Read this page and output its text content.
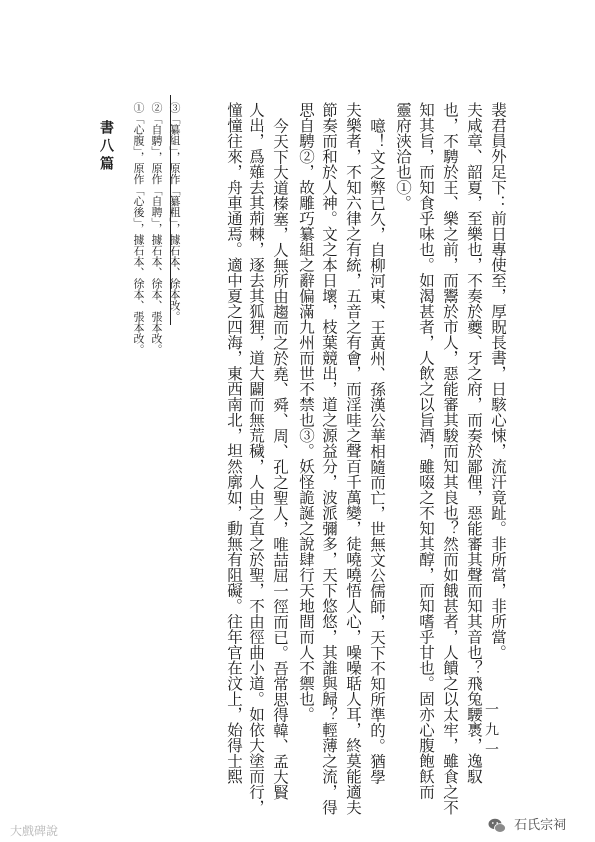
書八篇 ①「心腹」，原作「心後」，據石本、徐本、張本改。 ②「自騁」，原作「自聘」，據石本、徐本、張本改。 ③「纂組」，原作「纂粗」，據石本、徐本改。	憧憧往來，舟車通焉。適中夏之四海，東西南北，坦然廓如，動無有阻礙。往年官在汶上，始得士熙 人出，爲薙去其荊棘，逐去其狐狸，道大闢而無荒穢，人由之直之於聖，不由徑曲小道。如依大塗而行， 今天下大道榛塞，人無所由趨而之於堯、舜、周、孔之聖人，唯喆屈一徑而已。吾常思得韓、孟大賢 思自騁②，故雕巧纂組之辭偏滿九州而世不禁也③。妖怪詭誕之說肆行天地間而人不禦也。 節奏而和於人神。文之本日壞，枝葉競出，道之源益分，波派彌多，天下悠悠，其誰與歸？輕薄之流，得 夫樂者，不知六律之有統，五音之有會，而淫哇之聲百千萬變，徒嘵嘵悟人心，噪噪聒人耳，終莫能適夫 噫！文之弊已久，自柳河東、王黃州、孫漢公華相隨而亡，世無文公儒師，天下不知所準的。猶學 靈府浹洽也①。 知其旨，而知食乎味也。如渴甚者，人飲之以旨酒，雖啜之不知其醇，而知嗜乎甘也。固亦心腹飽飫而 也，不騁於王、樂之前，而鬻於市人，惡能審其駿而知其良也？然而如餓甚者，人饋之以太牢，雖食之不 夫咸章、韶夏，至樂也，不奏於夔、牙之府，而奏於鄙俚，惡能審其聲而知其音也？飛兔騕褭，逸馭 裴君員外足下：前日專使至，厚貺長書，日駭心悚，流汗竟趾。非所當，非所當。
一九一
大戲碑說	石氏宗祠
